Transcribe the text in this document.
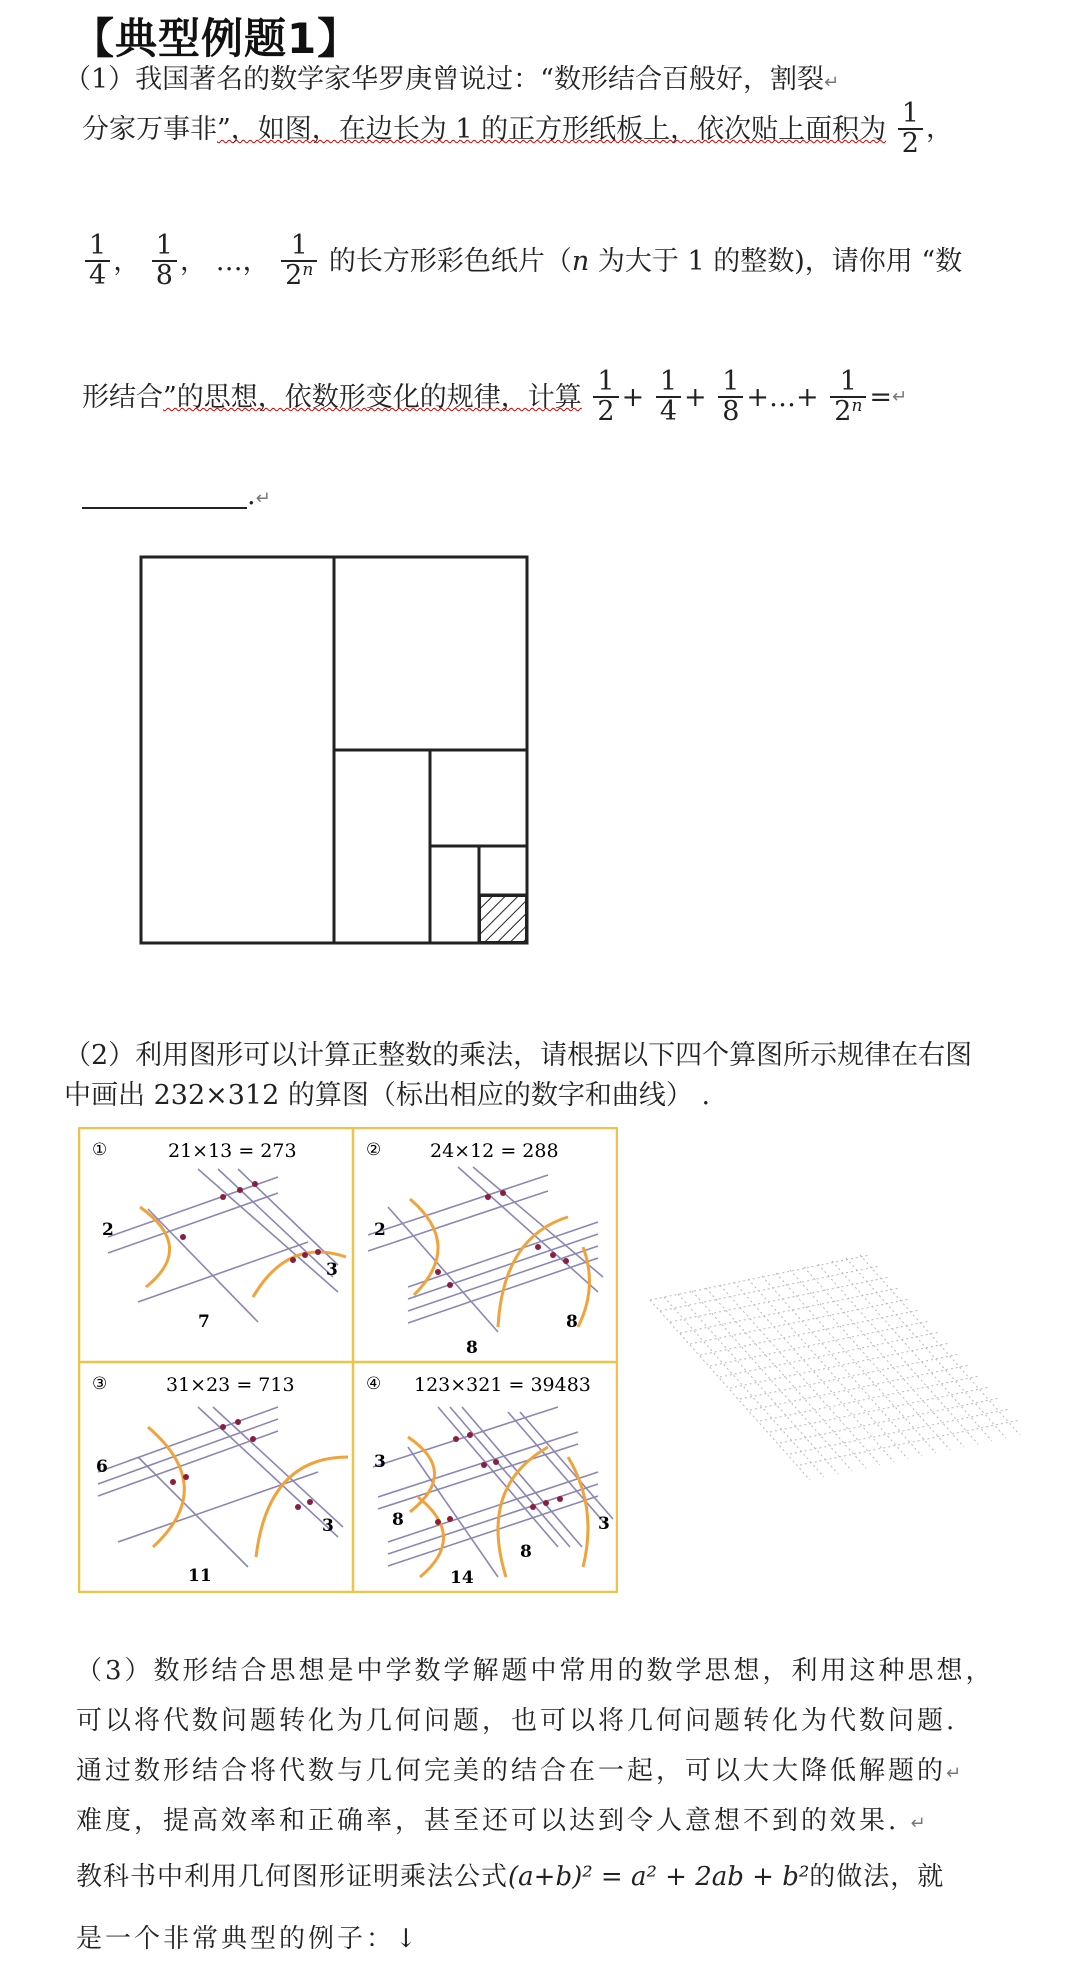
【典型例题1】
（1）我国著名的数学家华罗庚曾说过：“数形结合百般好，割裂↵
分家万事非”，如图，在边长为 1 的正方形纸板上，依次贴上面积为 $\frac{1}{2}$ ，
$\frac{1}{4}$ ， $\frac{1}{8}$ ， …， $\frac{1}{2^n}$ 的长方形彩色纸片（n 为大于 1 的整数)，请你用 “数
形结合”的思想，依数形变化的规律，计算 $\frac{1}{2} + \frac{1}{4} + \frac{1}{8}$ +…+ $\frac{1}{2^n}$ =↵
.↵
（2）利用图形可以计算正整数的乘法，请根据以下四个算图所示规律在右图
中画出 232×312 的算图（标出相应的数字和曲线） .
①	21×13 = 273
2
7
3
②	24×12 = 288
2
8
8
③	31×23 = 713
6
11
3
④ 123×321 = 39483
3
8
14
8
3
（3）数形结合思想是中学数学解题中常用的数学思想，利用这种思想，
可以将代数问题转化为几何问题，也可以将几何问题转化为代数问题.
通过数形结合将代数与几何完美的结合在一起，可以大大降低解题的↵
难度，提高效率和正确率，甚至还可以达到令人意想不到的效果. ↵
教科书中利用几何图形证明乘法公式(a+b)² = a² + 2ab + b²的做法，就
是一个非常典型的例子：↓
